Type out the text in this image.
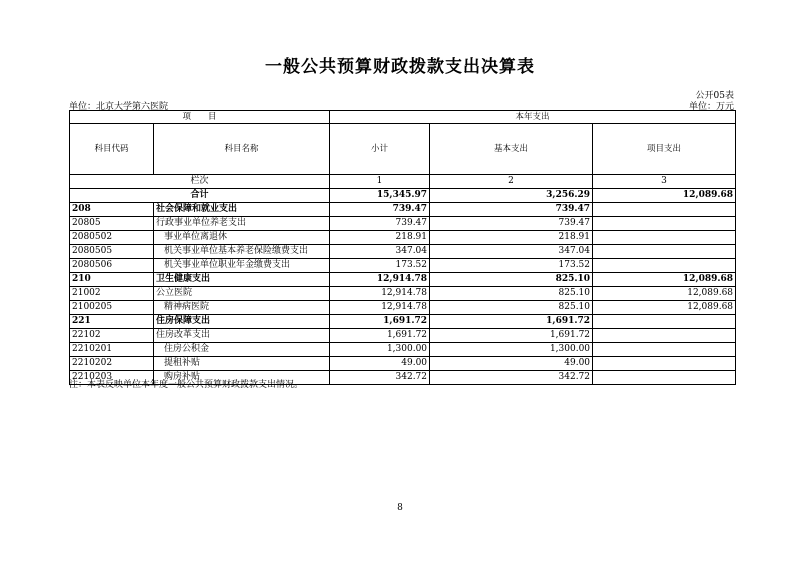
一般公共预算财政拨款支出决算表
公开05表
单位：北京大学第六医院	单位：万元
项　　目		本年支出		
科目代码	科目名称	小计	基本支出	项目支出
栏次		1	2	3
合计		15,345.97	3,256.29	12,089.68
208	社会保障和就业支出	739.47	739.47	
20805	行政事业单位养老支出	739.47	739.47	
2080502	事业单位离退休	218.91	218.91	
2080505	机关事业单位基本养老保险缴费支出	347.04	347.04	
2080506	机关事业单位职业年金缴费支出	173.52	173.52	
210	卫生健康支出	12,914.78	825.10	12,089.68
21002	公立医院	12,914.78	825.10	12,089.68
2100205	精神病医院	12,914.78	825.10	12,089.68
221	住房保障支出	1,691.72	1,691.72	
22102	住房改革支出	1,691.72	1,691.72	
2210201	住房公积金	1,300.00	1,300.00	
2210202	提租补贴	49.00	49.00	
2210203	购房补贴	342.72	342.72	
注：本表反映单位本年度一般公共预算财政拨款支出情况。
8
